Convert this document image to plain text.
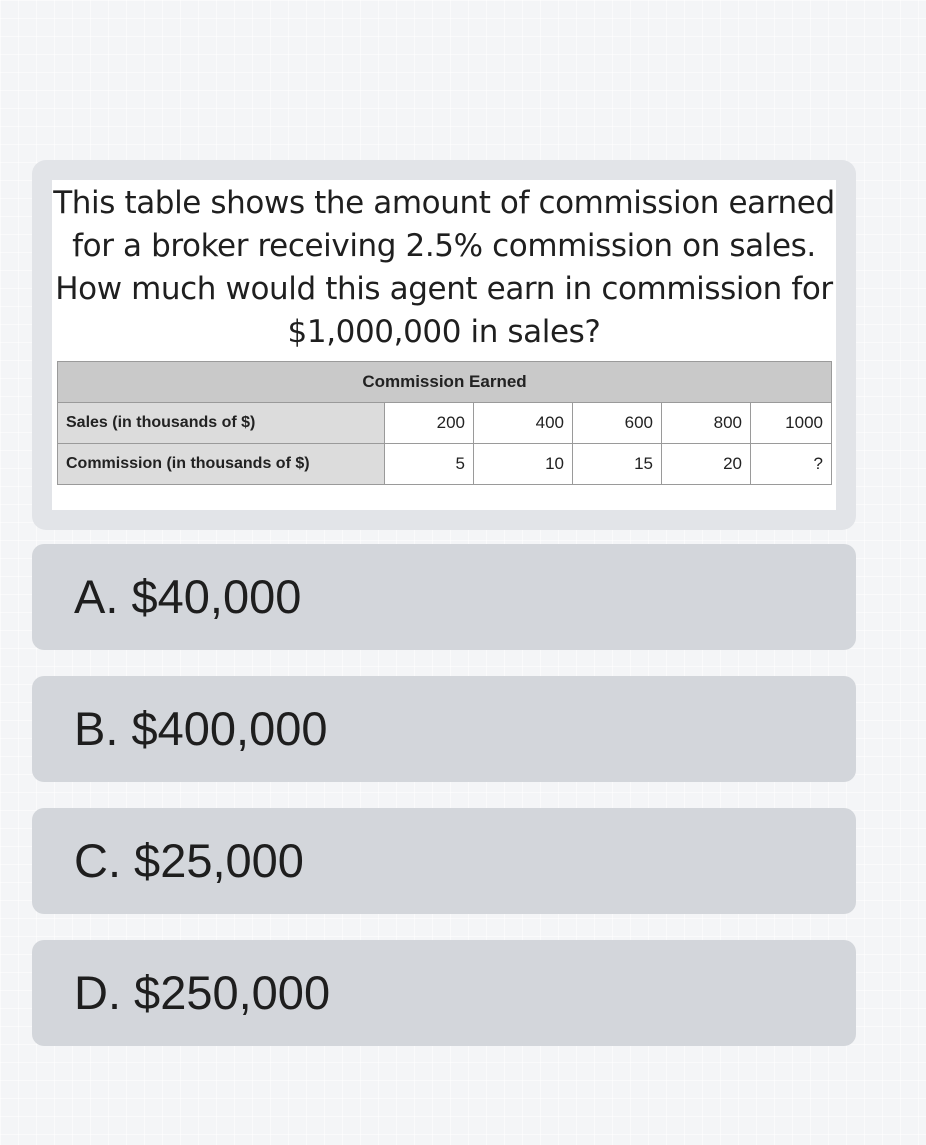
This table shows the amount of commission earned for a broker receiving 2.5% commission on sales. How much would this agent earn in commission for $1,000,000 in sales?

Commission Earned					
Sales (in thousands of $)	200	400	600	800	1000
Commission (in thousands of $)	5	10	15	20	?
A. $40,000
B. $400,000
C. $25,000
D. $250,000
